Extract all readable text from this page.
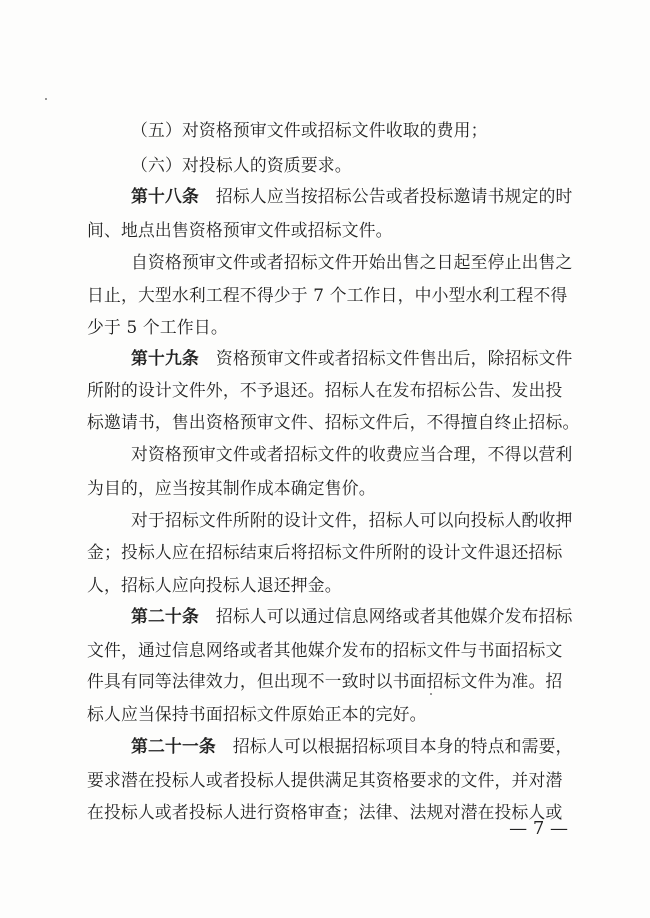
（五）对资格预审文件或招标文件收取的费用；
（六）对投标人的资质要求。
第十八条　招标人应当按招标公告或者投标邀请书规定的时
间、地点出售资格预审文件或招标文件。
自资格预审文件或者招标文件开始出售之日起至停止出售之
日止，大型水利工程不得少于 7 个工作日，中小型水利工程不得
少于 5 个工作日。
第十九条　资格预审文件或者招标文件售出后，除招标文件
所附的设计文件外，不予退还。招标人在发布招标公告、发出投
标邀请书，售出资格预审文件、招标文件后，不得擅自终止招标。
对资格预审文件或者招标文件的收费应当合理，不得以营利
为目的，应当按其制作成本确定售价。
对于招标文件所附的设计文件，招标人可以向投标人酌收押
金；投标人应在招标结束后将招标文件所附的设计文件退还招标
人，招标人应向投标人退还押金。
第二十条　招标人可以通过信息网络或者其他媒介发布招标
文件，通过信息网络或者其他媒介发布的招标文件与书面招标文
件具有同等法律效力，但出现不一致时以书面招标文件为准。招
标人应当保持书面招标文件原始正本的完好。
第二十一条　招标人可以根据招标项目本身的特点和需要，
要求潜在投标人或者投标人提供满足其资格要求的文件，并对潜
在投标人或者投标人进行资格审查；法律、法规对潜在投标人或
— 7 —
